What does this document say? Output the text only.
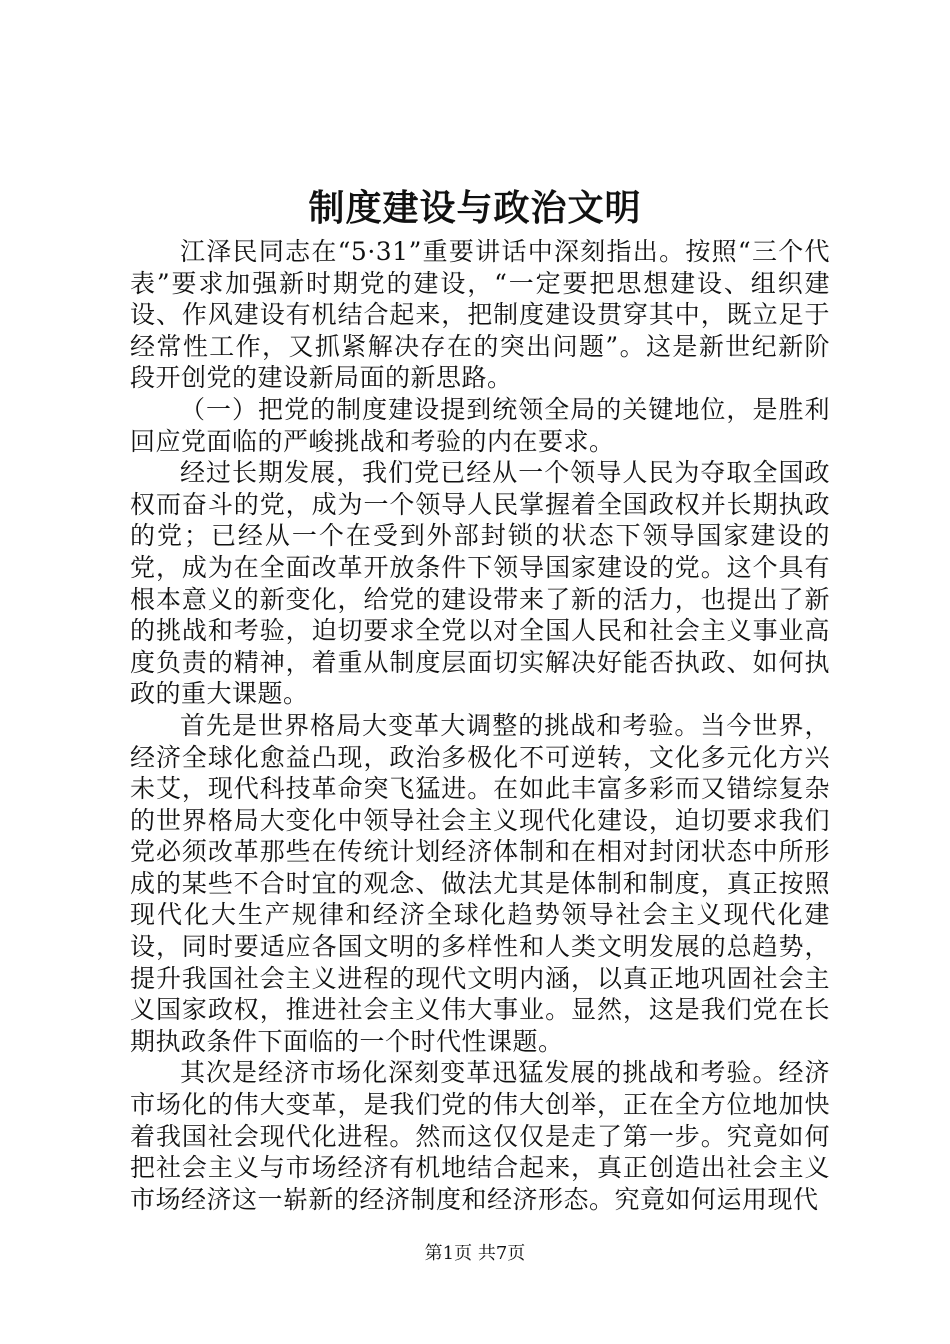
制度建设与政治文明

江泽民同志在“5·31”重要讲话中深刻指出。按照“三个代表”要求加强新时期党的建设，“一定要把思想建设、组织建设、作风建设有机结合起来，把制度建设贯穿其中，既立足于经常性工作，又抓紧解决存在的突出问题”。这是新世纪新阶段开创党的建设新局面的新思路。

（一）把党的制度建设提到统领全局的关键地位，是胜利回应党面临的严峻挑战和考验的内在要求。

经过长期发展，我们党已经从一个领导人民为夺取全国政权而奋斗的党，成为一个领导人民掌握着全国政权并长期执政的党；已经从一个在受到外部封锁的状态下领导国家建设的党，成为在全面改革开放条件下领导国家建设的党。这个具有根本意义的新变化，给党的建设带来了新的活力，也提出了新的挑战和考验，迫切要求全党以对全国人民和社会主义事业高度负责的精神，着重从制度层面切实解决好能否执政、如何执政的重大课题。

首先是世界格局大变革大调整的挑战和考验。当今世界，经济全球化愈益凸现，政治多极化不可逆转，文化多元化方兴未艾，现代科技革命突飞猛进。在如此丰富多彩而又错综复杂的世界格局大变化中领导社会主义现代化建设，迫切要求我们党必须改革那些在传统计划经济体制和在相对封闭状态中所形成的某些不合时宜的观念、做法尤其是体制和制度，真正按照现代化大生产规律和经济全球化趋势领导社会主义现代化建设，同时要适应各国文明的多样性和人类文明发展的总趋势，提升我国社会主义进程的现代文明内涵，以真正地巩固社会主义国家政权，推进社会主义伟大事业。显然，这是我们党在长期执政条件下面临的一个时代性课题。

其次是经济市场化深刻变革迅猛发展的挑战和考验。经济市场化的伟大变革，是我们党的伟大创举，正在全方位地加快着我国社会现代化进程。然而这仅仅是走了第一步。究竟如何把社会主义与市场经济有机地结合起来，真正创造出社会主义市场经济这一崭新的经济制度和经济形态。究竟如何运用现代

第1页 共7页
